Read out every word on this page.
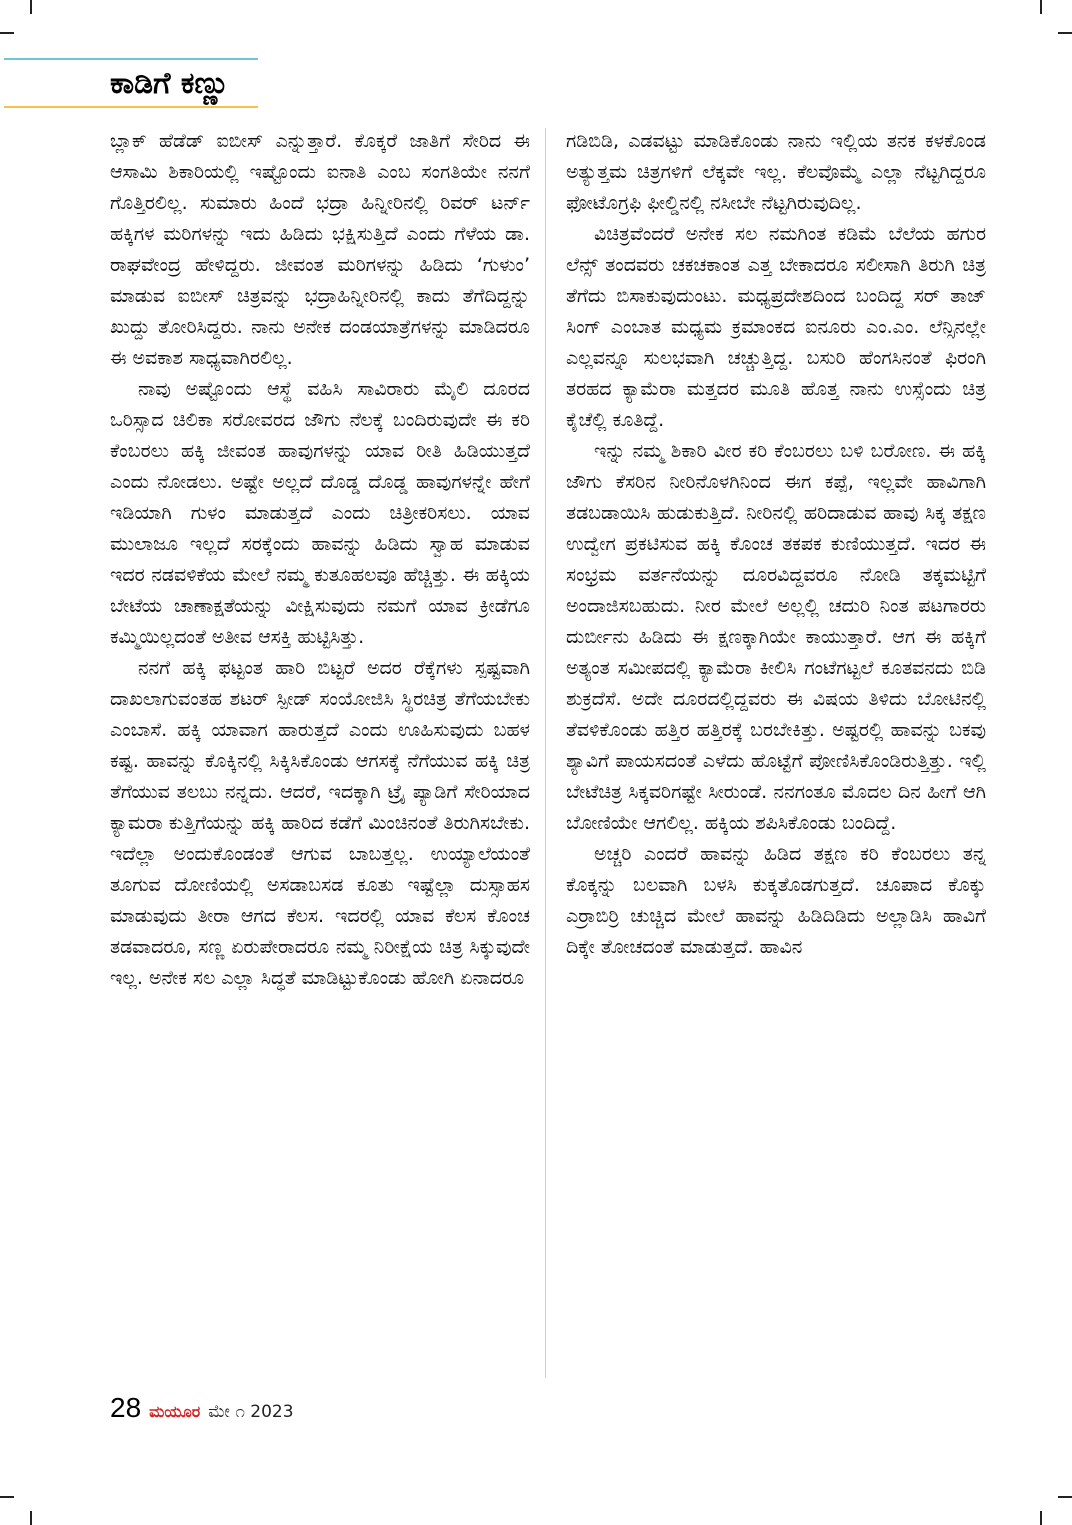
ಕಾಡಿಗೆ ಕಣ್ಣು

ಬ್ಲಾಕ್ ಹೆಡೆಡ್ ಐಬೀಸ್ ಎನ್ನುತ್ತಾರೆ. ಕೊಕ್ಕರೆ ಜಾತಿಗೆ ಸೇರಿದ ಈ ಆಸಾಮಿ ಶಿಕಾರಿಯಲ್ಲಿ ಇಷ್ಟೊಂದು ಐನಾತಿ ಎಂಬ ಸಂಗತಿಯೇ ನನಗೆ ಗೊತ್ತಿರಲಿಲ್ಲ. ಸುಮಾರು ಹಿಂದೆ ಭದ್ರಾ ಹಿನ್ನೀರಿನಲ್ಲಿ ರಿವರ್ ಟರ್ನ್ ಹಕ್ಕಿಗಳ ಮರಿಗಳನ್ನು ಇದು ಹಿಡಿದು ಭಕ್ಷಿಸುತ್ತಿದೆ ಎಂದು ಗೆಳೆಯ ಡಾ. ರಾಘವೇಂದ್ರ ಹೇಳಿದ್ದರು. ಜೀವಂತ ಮರಿಗಳನ್ನು ಹಿಡಿದು ‘ಗುಳುಂ’ ಮಾಡುವ ಐಬೀಸ್ ಚಿತ್ರವನ್ನು ಭದ್ರಾಹಿನ್ನೀರಿನಲ್ಲಿ ಕಾದು ತೆಗೆದಿದ್ದನ್ನು ಖುದ್ದು ತೋರಿಸಿದ್ದರು. ನಾನು ಅನೇಕ ದಂಡಯಾತ್ರೆಗಳನ್ನು ಮಾಡಿದರೂ ಈ ಅವಕಾಶ ಸಾಧ್ಯವಾಗಿರಲಿಲ್ಲ.

ನಾವು ಅಷ್ಟೊಂದು ಆಸ್ಥೆ ವಹಿಸಿ ಸಾವಿರಾರು ಮೈಲಿ ದೂರದ ಒರಿಸ್ಸಾದ ಚಿಲಿಕಾ ಸರೋವರದ ಜೌಗು ನೆಲಕ್ಕೆ ಬಂದಿರುವುದೇ ಈ ಕರಿ ಕೆಂಬರಲು ಹಕ್ಕಿ ಜೀವಂತ ಹಾವುಗಳನ್ನು ಯಾವ ರೀತಿ ಹಿಡಿಯುತ್ತದೆ ಎಂದು ನೋಡಲು. ಅಷ್ಟೇ ಅಲ್ಲದೆ ದೊಡ್ಡ ದೊಡ್ಡ ಹಾವುಗಳನ್ನೇ ಹೇಗೆ ಇಡಿಯಾಗಿ ಗುಳಂ ಮಾಡುತ್ತದೆ ಎಂದು ಚಿತ್ರೀಕರಿಸಲು. ಯಾವ ಮುಲಾಜೂ ಇಲ್ಲದೆ ಸರಕ್ಕೆಂದು ಹಾವನ್ನು ಹಿಡಿದು ಸ್ವಾಹ ಮಾಡುವ ಇದರ ನಡವಳಿಕೆಯ ಮೇಲೆ ನಮ್ಮ ಕುತೂಹಲವೂ ಹೆಚ್ಚಿತ್ತು. ಈ ಹಕ್ಕಿಯ ಬೇಟೆಯ ಚಾಣಾಕ್ಷತೆಯನ್ನು ವೀಕ್ಷಿಸುವುದು ನಮಗೆ ಯಾವ ಕ್ರೀಡೆಗೂ ಕಮ್ಮಿಯಿಲ್ಲದಂತೆ ಅತೀವ ಆಸಕ್ತಿ ಹುಟ್ಟಿಸಿತ್ತು.

ನನಗೆ ಹಕ್ಕಿ ಫಟ್ಟಂತ ಹಾರಿ ಬಿಟ್ಟರೆ ಅದರ ರೆಕ್ಕೆಗಳು ಸ್ಪಷ್ಟವಾಗಿ ದಾಖಲಾಗುವಂತಹ ಶಟರ್ ಸ್ಪೀಡ್ ಸಂಯೋಜಿಸಿ ಸ್ಥಿರಚಿತ್ರ ತೆಗೆಯಬೇಕು ಎಂಬಾಸೆ. ಹಕ್ಕಿ ಯಾವಾಗ ಹಾರುತ್ತದೆ ಎಂದು ಊಹಿಸುವುದು ಬಹಳ ಕಷ್ಟ. ಹಾವನ್ನು ಕೊಕ್ಕಿನಲ್ಲಿ ಸಿಕ್ಕಿಸಿಕೊಂಡು ಆಗಸಕ್ಕೆ ನೆಗೆಯುವ ಹಕ್ಕಿ ಚಿತ್ರ ತೆಗೆಯುವ ತಲಬು ನನ್ನದು. ಆದರೆ, ಇದಕ್ಕಾಗಿ ಟ್ರೈ ಪ್ಯಾಡಿಗೆ ಸೇರಿಯಾದ ಕ್ಯಾಮರಾ ಕುತ್ತಿಗೆಯನ್ನು ಹಕ್ಕಿ ಹಾರಿದ ಕಡೆಗೆ ಮಿಂಚಿನಂತೆ ತಿರುಗಿಸಬೇಕು. ಇದೆಲ್ಲಾ ಅಂದುಕೊಂಡಂತೆ ಆಗುವ ಬಾಬತ್ತಲ್ಲ. ಉಯ್ಯಾಲೆಯಂತೆ ತೂಗುವ ದೋಣಿಯಲ್ಲಿ ಅಸಡಾಬಸಡ ಕೂತು ಇಷ್ಟೆಲ್ಲಾ ದುಸ್ಸಾಹಸ ಮಾಡುವುದು ತೀರಾ ಆಗದ ಕೆಲಸ. ಇದರಲ್ಲಿ ಯಾವ ಕೆಲಸ ಕೊಂಚ ತಡವಾದರೂ, ಸಣ್ಣ ಏರುಪೇರಾದರೂ ನಮ್ಮ ನಿರೀಕ್ಷೆಯ ಚಿತ್ರ ಸಿಕ್ಕುವುದೇ ಇಲ್ಲ. ಅನೇಕ ಸಲ ಎಲ್ಲಾ ಸಿದ್ಧತೆ ಮಾಡಿಟ್ಟುಕೊಂಡು ಹೋಗಿ ಏನಾದರೂ

ಗಡಿಬಿಡಿ, ಎಡವಟ್ಟು ಮಾಡಿಕೊಂಡು ನಾನು ಇಲ್ಲಿಯ ತನಕ ಕಳಕೊಂಡ ಅತ್ಯುತ್ತಮ ಚಿತ್ರಗಳಿಗೆ ಲೆಕ್ಕವೇ ಇಲ್ಲ. ಕೆಲವೊಮ್ಮೆ ಎಲ್ಲಾ ನೆಟ್ಟಗಿದ್ದರೂ ಫೋಟೊಗ್ರಫಿ ಫೀಲ್ಡಿನಲ್ಲಿ ನಸೀಬೇ ನೆಟ್ಟಗಿರುವುದಿಲ್ಲ.

ವಿಚಿತ್ರವೆಂದರೆ ಅನೇಕ ಸಲ ನಮಗಿಂತ ಕಡಿಮೆ ಬೆಲೆಯ ಹಗುರ ಲೆನ್ಸ್ ತಂದವರು ಚಕಚಕಾಂತ ಎತ್ತ ಬೇಕಾದರೂ ಸಲೀಸಾಗಿ ತಿರುಗಿ ಚಿತ್ರ ತೆಗೆದು ಬಿಸಾಕುವುದುಂಟು. ಮಧ್ಯಪ್ರದೇಶದಿಂದ ಬಂದಿದ್ದ ಸರ್ ತಾಜ್ ಸಿಂಗ್ ಎಂಬಾತ ಮಧ್ಯಮ ಕ್ರಮಾಂಕದ ಐನೂರು ಎಂ.ಎಂ. ಲೆನ್ಸಿನಲ್ಲೇ ಎಲ್ಲವನ್ನೂ ಸುಲಭವಾಗಿ ಚಚ್ಚುತ್ತಿದ್ದ. ಬಸುರಿ ಹೆಂಗಸಿನಂತೆ ಫಿರಂಗಿ ತರಹದ ಕ್ಯಾಮೆರಾ ಮತ್ತದರ ಮೂತಿ ಹೊತ್ತ ನಾನು ಉಸ್ಸೆಂದು ಚಿತ್ರ ಕೈಚೆಲ್ಲಿ ಕೂತಿದ್ದೆ.

ಇನ್ನು ನಮ್ಮ ಶಿಕಾರಿ ವೀರ ಕರಿ ಕೆಂಬರಲು ಬಳಿ ಬರೋಣ. ಈ ಹಕ್ಕಿ ಜೌಗು ಕೆಸರಿನ ನೀರಿನೊಳಗಿನಿಂದ ಈಗ ಕಪ್ಪೆ, ಇಲ್ಲವೇ ಹಾವಿಗಾಗಿ ತಡಬಡಾಯಿಸಿ ಹುಡುಕುತ್ತಿದೆ. ನೀರಿನಲ್ಲಿ ಹರಿದಾಡುವ ಹಾವು ಸಿಕ್ಕ ತಕ್ಷಣ ಉದ್ವೇಗ ಪ್ರಕಟಿಸುವ ಹಕ್ಕಿ ಕೊಂಚ ತಕಪಕ ಕುಣಿಯುತ್ತದೆ. ಇದರ ಈ ಸಂಭ್ರಮ ವರ್ತನೆಯನ್ನು ದೂರವಿದ್ದವರೂ ನೋಡಿ ತಕ್ಕಮಟ್ಟಿಗೆ ಅಂದಾಜಿಸಬಹುದು. ನೀರ ಮೇಲೆ ಅಲ್ಲಲ್ಲಿ ಚದುರಿ ನಿಂತ ಪಟಗಾರರು ದುರ್ಬೀನು ಹಿಡಿದು ಈ ಕ್ಷಣಕ್ಕಾಗಿಯೇ ಕಾಯುತ್ತಾರೆ. ಆಗ ಈ ಹಕ್ಕಿಗೆ ಅತ್ಯಂತ ಸಮೀಪದಲ್ಲಿ ಕ್ಯಾಮೆರಾ ಕೀಲಿಸಿ ಗಂಟೆಗಟ್ಟಲೆ ಕೂತವನದು ಬಿಡಿ ಶುಕ್ರದೆಸೆ. ಅದೇ ದೂರದಲ್ಲಿದ್ದವರು ಈ ವಿಷಯ ತಿಳಿದು ಬೋಟಿನಲ್ಲಿ ತೆವಳಿಕೊಂಡು ಹತ್ತಿರ ಹತ್ತಿರಕ್ಕೆ ಬರಬೇಕಿತ್ತು. ಅಷ್ಟರಲ್ಲಿ ಹಾವನ್ನು ಬಕವು ಶ್ಯಾವಿಗೆ ಪಾಯಸದಂತೆ ಎಳೆದು ಹೊಟ್ಟೆಗೆ ಪೋಣಿಸಿಕೊಂಡಿರುತ್ತಿತ್ತು. ಇಲ್ಲಿ ಬೇಟೆಚಿತ್ರ ಸಿಕ್ಕವರಿಗಷ್ಟೇ ಸೀರುಂಡೆ. ನನಗಂತೂ ಮೊದಲ ದಿನ ಹೀಗೆ ಆಗಿ ಬೋಣಿಯೇ ಆಗಲಿಲ್ಲ. ಹಕ್ಕಿಯ ಶಪಿಸಿಕೊಂಡು ಬಂದಿದ್ದೆ.

ಅಚ್ಚರಿ ಎಂದರೆ ಹಾವನ್ನು ಹಿಡಿದ ತಕ್ಷಣ ಕರಿ ಕೆಂಬರಲು ತನ್ನ ಕೊಕ್ಕನ್ನು ಬಲವಾಗಿ ಬಳಸಿ ಕುಕ್ಕತೊಡಗುತ್ತದೆ. ಚೂಪಾದ ಕೊಕ್ಕು ಎರ್ರಾಬಿರ್ರಿ ಚುಚ್ಚಿದ ಮೇಲೆ ಹಾವನ್ನು ಹಿಡಿದಿಡಿದು ಅಲ್ಲಾಡಿಸಿ ಹಾವಿಗೆ ದಿಕ್ಕೇ ತೋಚದಂತೆ ಮಾಡುತ್ತದೆ. ಹಾವಿನ

28 ಮಯೂರ ಮೇ ೧ 2023
